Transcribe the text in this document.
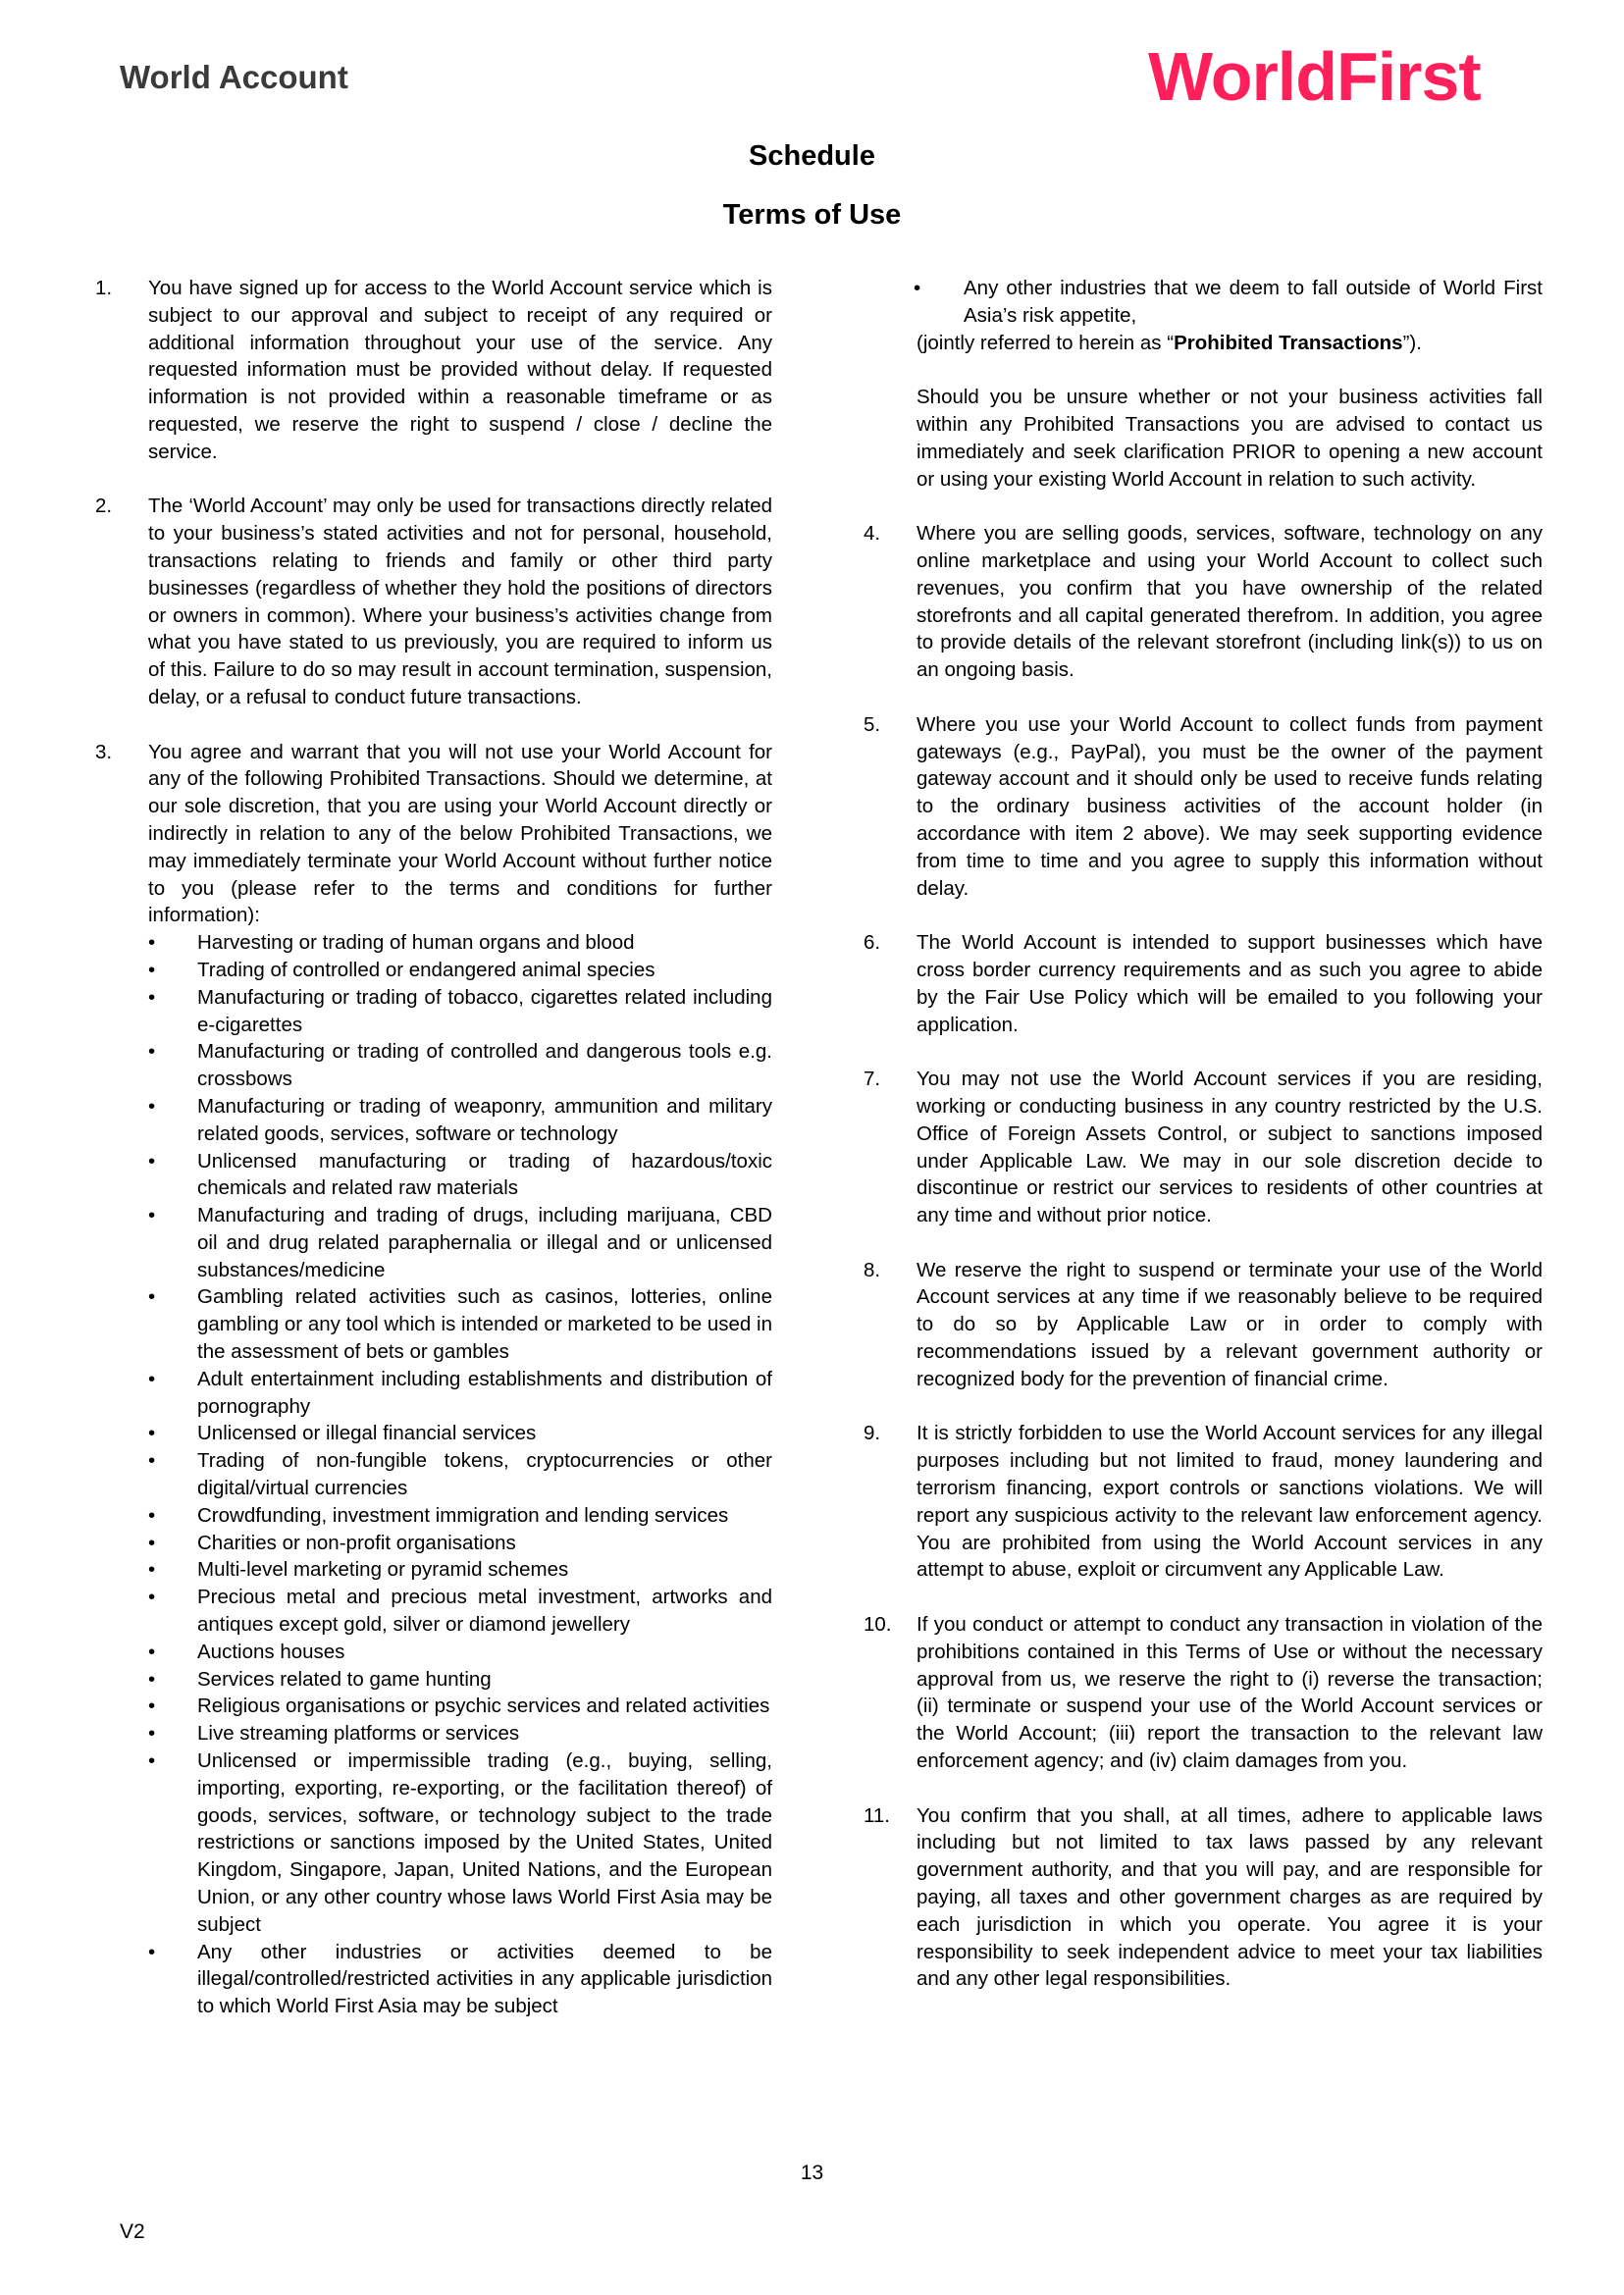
World Account	WorldFirst
Schedule
Terms of Use
1.	You have signed up for access to the World Account service which is subject to our approval and subject to receipt of any required or additional information throughout your use of the service. Any requested information must be provided without delay. If requested information is not provided within a reasonable timeframe or as requested, we reserve the right to suspend / close / decline the service.

2.	The ‘World Account’ may only be used for transactions directly related to your business’s stated activities and not for personal, household, transactions relating to friends and family or other third party businesses (regardless of whether they hold the positions of directors or owners in common). Where your business’s activities change from what you have stated to us previously, you are required to inform us of this. Failure to do so may result in account termination, suspension, delay, or a refusal to conduct future transactions.

3.	You agree and warrant that you will not use your World Account for any of the following Prohibited Transactions. Should we determine, at our sole discretion, that you are using your World Account directly or indirectly in relation to any of the below Prohibited Transactions, we may immediately terminate your World Account without further notice to you (please refer to the terms and conditions for further information):

•	Harvesting or trading of human organs and blood
•	Trading of controlled or endangered animal species
•	Manufacturing or trading of tobacco, cigarettes related including e-cigarettes
•	Manufacturing or trading of controlled and dangerous tools e.g. crossbows
•	Manufacturing or trading of weaponry, ammunition and military related goods, services, software or technology
•	Unlicensed manufacturing or trading of hazardous/toxic chemicals and related raw materials
•	Manufacturing and trading of drugs, including marijuana, CBD oil and drug related paraphernalia or illegal and or unlicensed substances/medicine
•	Gambling related activities such as casinos, lotteries, online gambling or any tool which is intended or marketed to be used in the assessment of bets or gambles
•	Adult entertainment including establishments and distribution of pornography
•	Unlicensed or illegal financial services
•	Trading of non-fungible tokens, cryptocurrencies or other digital/virtual currencies
•	Crowdfunding, investment immigration and lending services
•	Charities or non-profit organisations
•	Multi-level marketing or pyramid schemes
•	Precious metal and precious metal investment, artworks and antiques except gold, silver or diamond jewellery
•	Auctions houses
•	Services related to game hunting
•	Religious organisations or psychic services and related activities
•	Live streaming platforms or services
•	Unlicensed or impermissible trading (e.g., buying, selling, importing, exporting, re-exporting, or the facilitation thereof) of goods, services, software, or technology subject to the trade restrictions or sanctions imposed by the United States, United Kingdom, Singapore, Japan, United Nations, and the European Union, or any other country whose laws World First Asia may be subject
•	Any other industries or activities deemed to be illegal/controlled/restricted activities in any applicable jurisdiction to which World First Asia may be subject
•	Any other industries that we deem to fall outside of World First Asia’s risk appetite,

(jointly referred to herein as “Prohibited Transactions”).

Should you be unsure whether or not your business activities fall within any Prohibited Transactions you are advised to contact us immediately and seek clarification PRIOR to opening a new account or using your existing World Account in relation to such activity.

4.	Where you are selling goods, services, software, technology on any online marketplace and using your World Account to collect such revenues, you confirm that you have ownership of the related storefronts and all capital generated therefrom. In addition, you agree to provide details of the relevant storefront (including link(s)) to us on an ongoing basis.
5.	Where you use your World Account to collect funds from payment gateways (e.g., PayPal), you must be the owner of the payment gateway account and it should only be used to receive funds relating to the ordinary business activities of the account holder (in accordance with item 2 above). We may seek supporting evidence from time to time and you agree to supply this information without delay.
6.	The World Account is intended to support businesses which have cross border currency requirements and as such you agree to abide by the Fair Use Policy which will be emailed to you following your application.
7.	You may not use the World Account services if you are residing, working or conducting business in any country restricted by the U.S. Office of Foreign Assets Control, or subject to sanctions imposed under Applicable Law. We may in our sole discretion decide to discontinue or restrict our services to residents of other countries at any time and without prior notice.
8.	We reserve the right to suspend or terminate your use of the World Account services at any time if we reasonably believe to be required to do so by Applicable Law or in order to comply with recommendations issued by a relevant government authority or recognized body for the prevention of financial crime.
9.	It is strictly forbidden to use the World Account services for any illegal purposes including but not limited to fraud, money laundering and terrorism financing, export controls or sanctions violations. We will report any suspicious activity to the relevant law enforcement agency. You are prohibited from using the World Account services in any attempt to abuse, exploit or circumvent any Applicable Law.
10.	If you conduct or attempt to conduct any transaction in violation of the prohibitions contained in this Terms of Use or without the necessary approval from us, we reserve the right to (i) reverse the transaction; (ii) terminate or suspend your use of the World Account services or the World Account; (iii) report the transaction to the relevant law enforcement agency; and (iv) claim damages from you.
11.	You confirm that you shall, at all times, adhere to applicable laws including but not limited to tax laws passed by any relevant government authority, and that you will pay, and are responsible for paying, all taxes and other government charges as are required by each jurisdiction in which you operate. You agree it is your responsibility to seek independent advice to meet your tax liabilities and any other legal responsibilities.
13
V2
